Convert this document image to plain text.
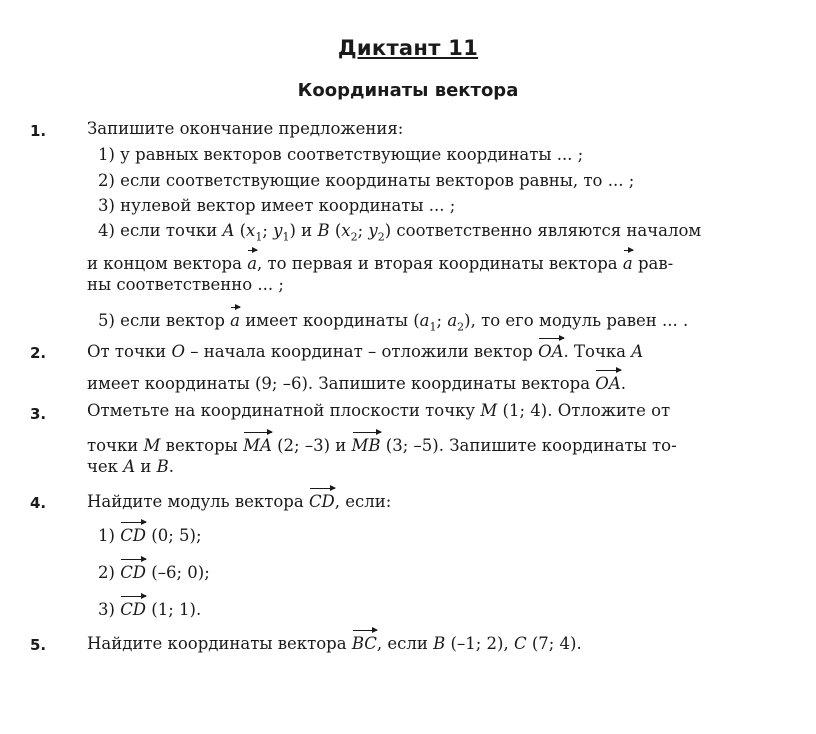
Диктант 11
Координаты вектора
1. Запишите окончание предложения:
1) у равных векторов соответствующие координаты ... ;
2) если соответствующие координаты векторов равны, то ... ;
3) нулевой вектор имеет координаты ... ;
4) если точки A ($x_1$; $y_1$) и B ($x_2$; $y_2$) соответственно являются началом
и концом вектора a, то первая и вторая координаты вектора a рав-
ны соответственно ... ;
5) если вектор a имеет координаты ($a_1$; $a_2$), то его модуль равен ... .
2. От точки O – начала координат – отложили вектор OA. Точка A
имеет координаты (9; –6). Запишите координаты вектора OA.
3. Отметьте на координатной плоскости точку M (1; 4). Отложите от
точки M векторы MA (2; –3) и MB (3; –5). Запишите координаты то-
чек A и B.
4. Найдите модуль вектора CD, если:
1) CD (0; 5);
2) CD (–6; 0);
3) CD (1; 1).
5. Найдите координаты вектора BC, если B (–1; 2), C (7; 4).
